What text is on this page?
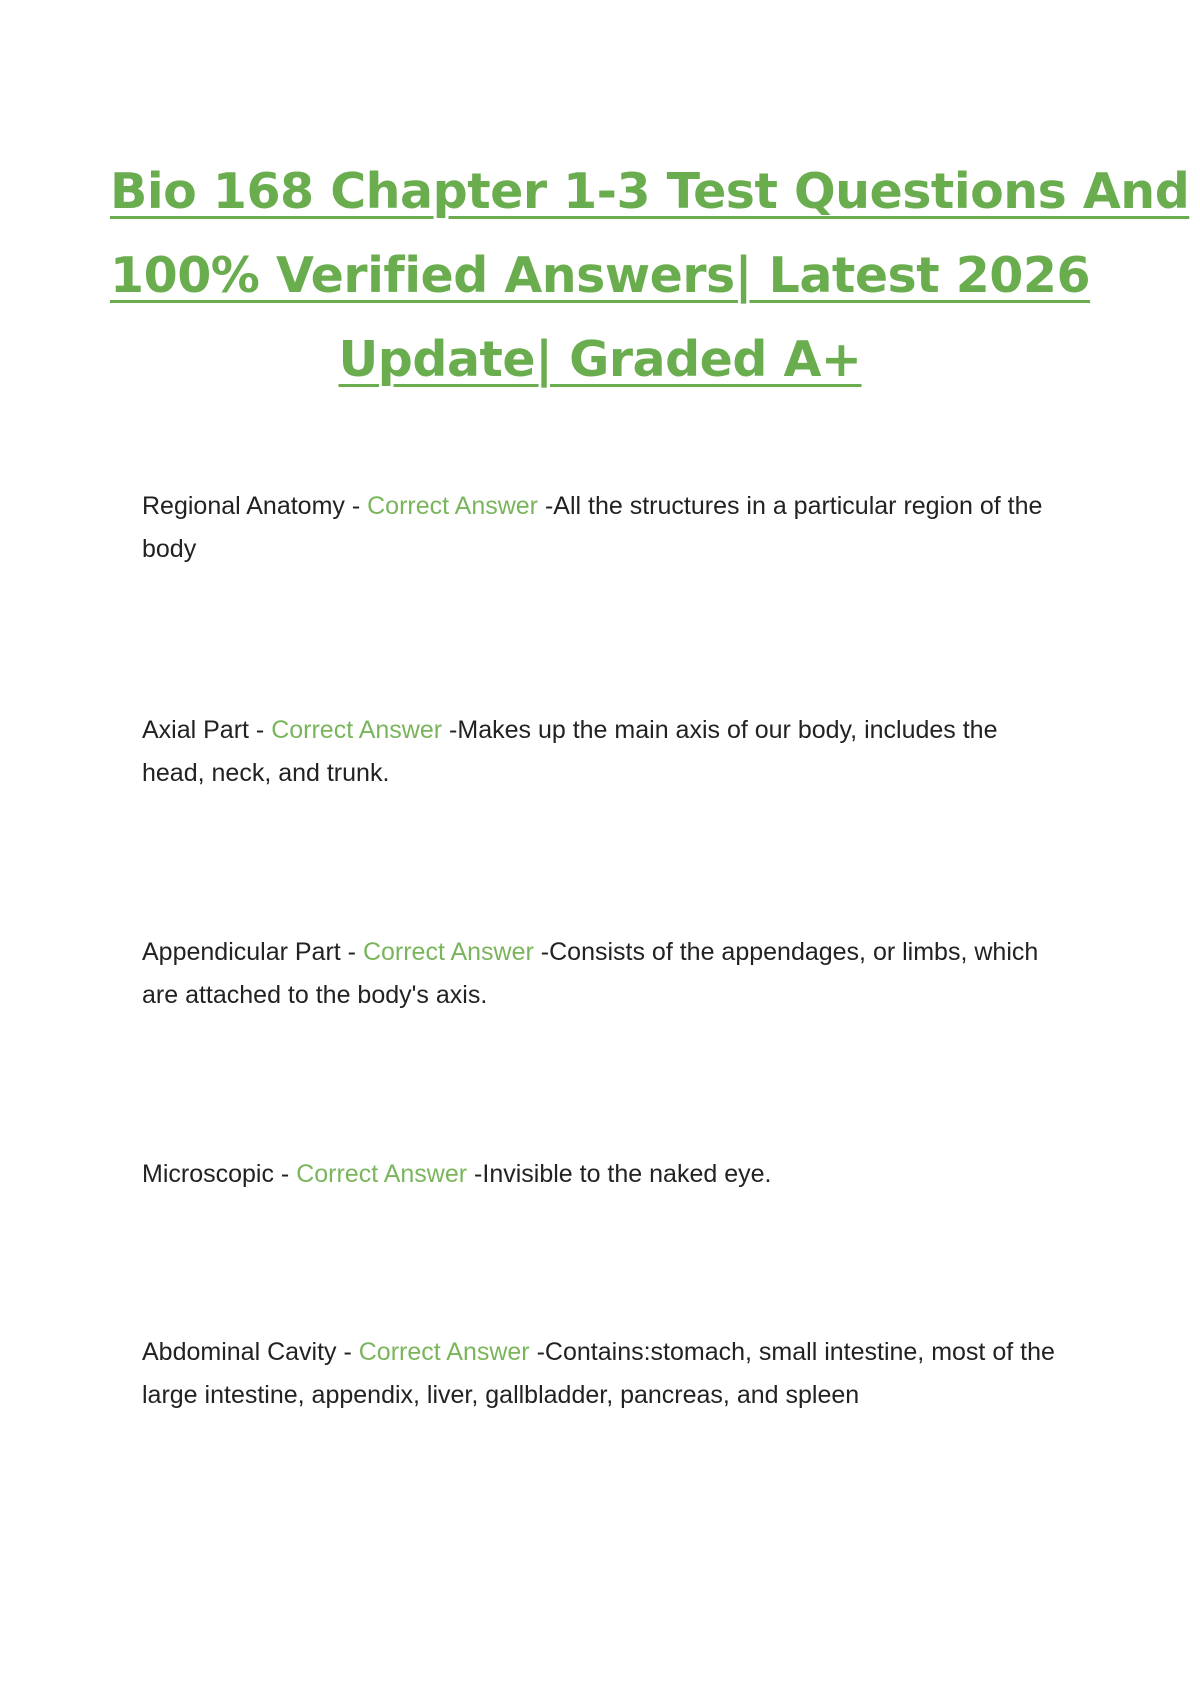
Bio 168 Chapter 1-3 Test Questions And
100% Verified Answers| Latest 2026
Update| Graded A+
Regional Anatomy - Correct Answer -All the structures in a particular region of the body
Axial Part - Correct Answer -Makes up the main axis of our body, includes the head, neck, and trunk.
Appendicular Part - Correct Answer -Consists of the appendages, or limbs, which are attached to the body's axis.
Microscopic - Correct Answer -Invisible to the naked eye.
Abdominal Cavity - Correct Answer -Contains:stomach, small intestine, most of the large intestine, appendix, liver, gallbladder, pancreas, and spleen
